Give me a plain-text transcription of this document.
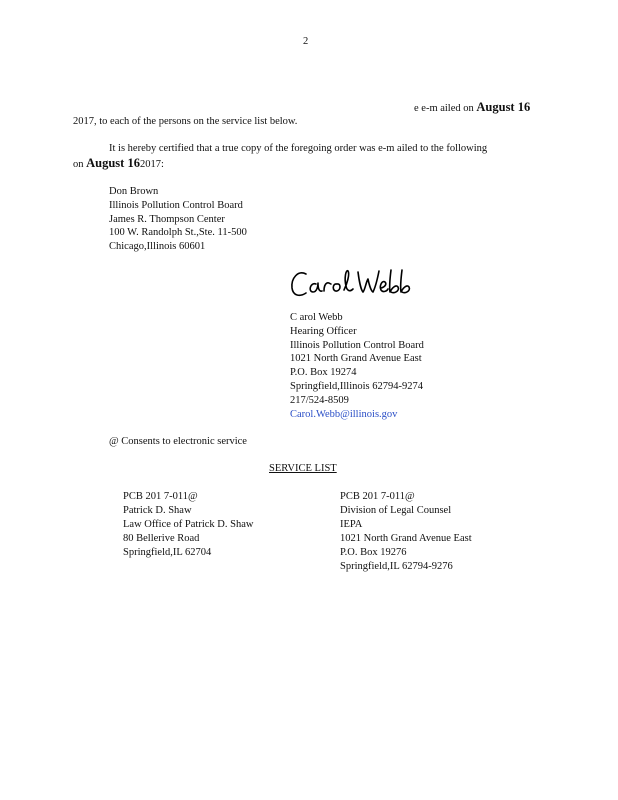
2
e e-m ailed on August 16
2017, to each of the persons on the service list below.
It is hereby certified that a true copy of the foregoing order was e-m ailed to the following
on August 162017:
Don Brown
Illinois Pollution Control Board
James R. Thompson Center
100 W. Randolph St.,Ste. 11-500
Chicago,Illinois 60601
C arol Webb
Hearing Officer
Illinois Pollution Control Board
1021 North Grand Avenue East
P.O. Box 19274
Springfield,Illinois 62794-9274
217/524-8509
Carol.Webb@illinois.gov
@ Consents to electronic service
SERVICE LIST
PCB 201 7-011@
Patrick D. Shaw
Law Office of Patrick D. Shaw
80 Bellerive Road
Springfield,IL 62704
PCB 201 7-011@
Division of Legal Counsel
IEPA
1021 North Grand Avenue East
P.O. Box 19276
Springfield,IL 62794-9276
